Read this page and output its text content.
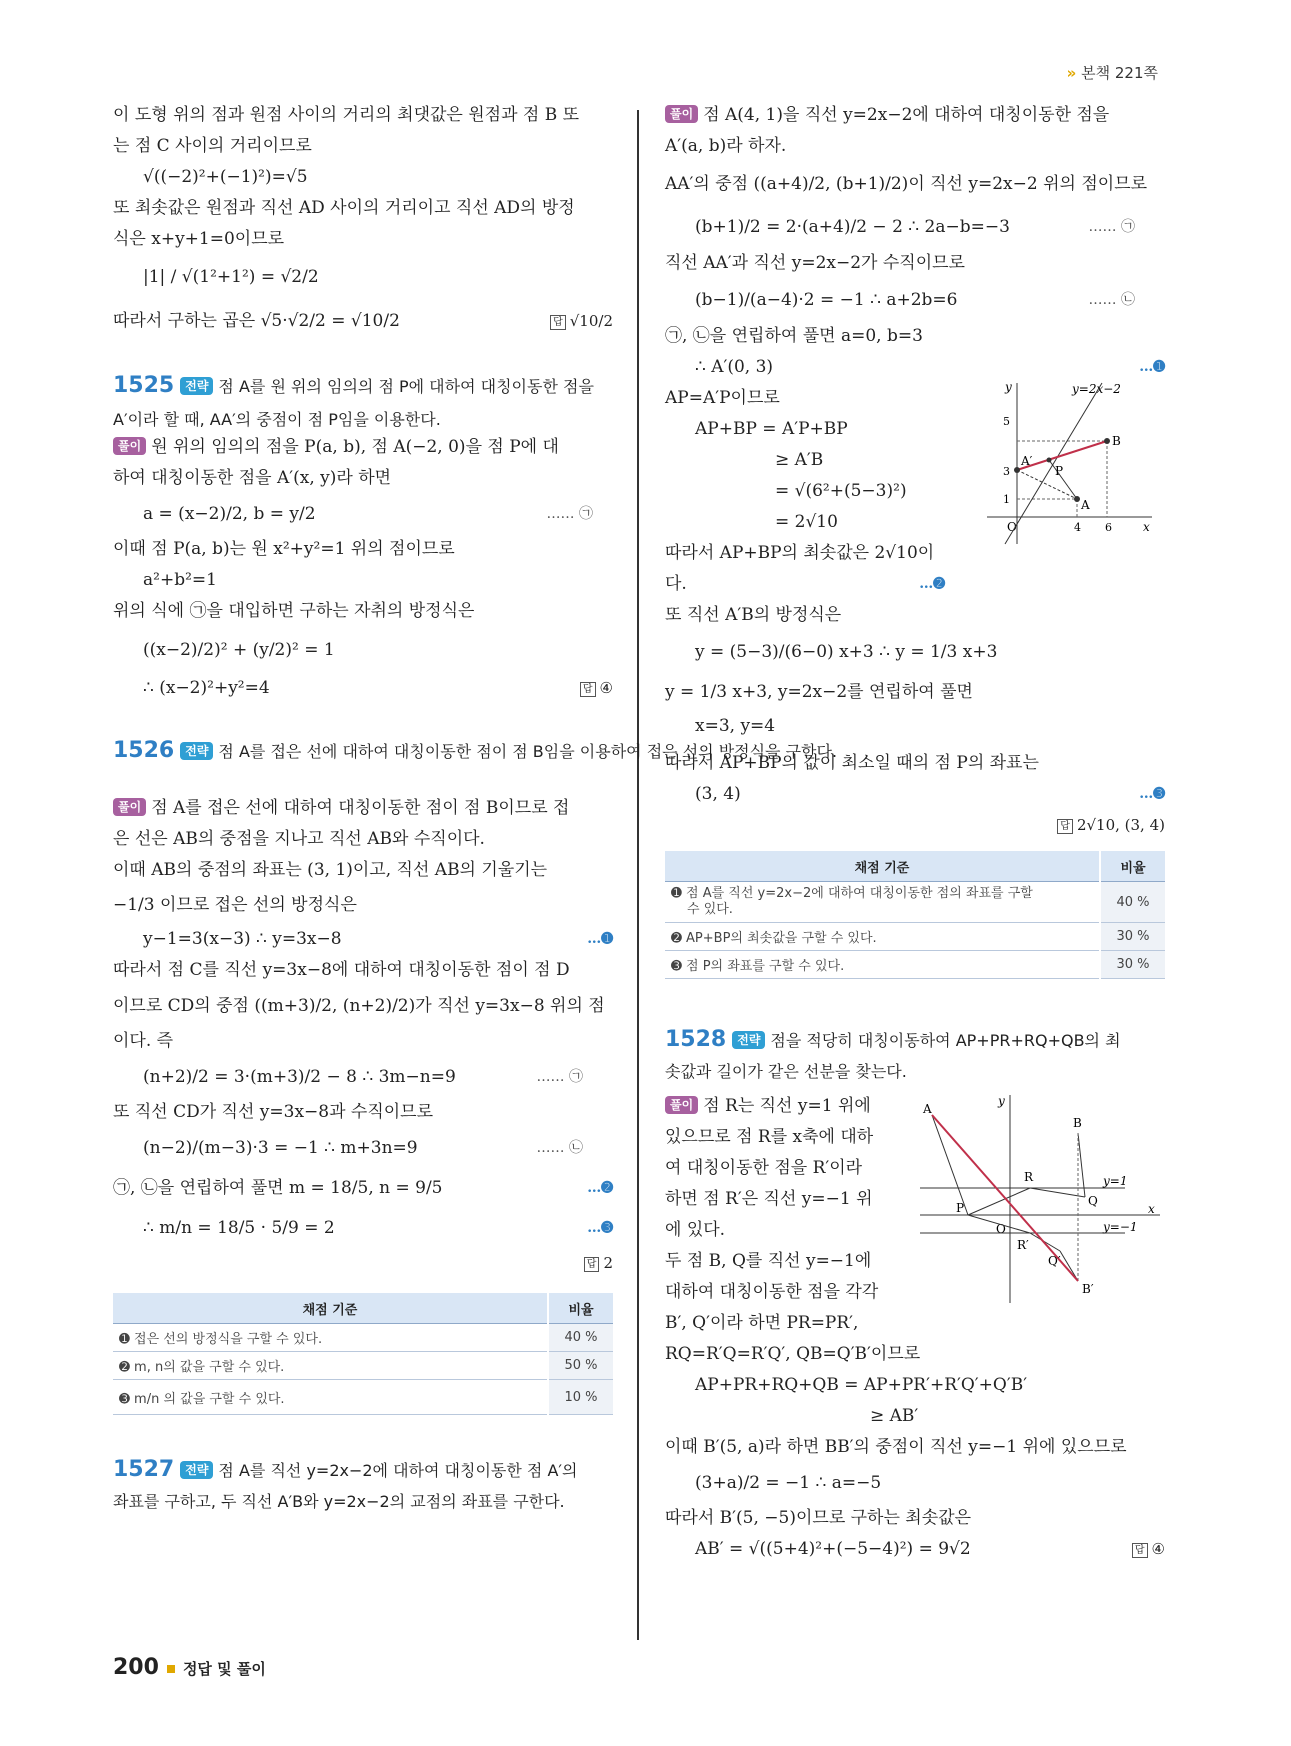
» 본책 221쪽
이 도형 위의 점과 원점 사이의 거리의 최댓값은 원점과 점 B 또
는 점 C 사이의 거리이므로
√((−2)²+(−1)²)=√5
또 최솟값은 원점과 직선 AD 사이의 거리이고 직선 AD의 방정
식은 x+y+1=0이므로
|1| / √(1²+1²) = √2/2
따라서 구하는 곱은 √5·√2/2 = √10/2	답 √10/2
1525 전략 점 A를 원 위의 임의의 점 P에 대하여 대칭이동한 점을 A′이라 할 때, AA′의 중점이 점 P임을 이용한다.
풀이 원 위의 임의의 점을 P(a, b), 점 A(−2, 0)을 점 P에 대
하여 대칭이동한 점을 A′(x, y)라 하면
a = (x−2)/2, b = y/2	…… ㉠
이때 점 P(a, b)는 원 x²+y²=1 위의 점이므로
a²+b²=1
위의 식에 ㉠을 대입하면 구하는 자취의 방정식은
((x−2)/2)² + (y/2)² = 1
∴ (x−2)²+y²=4	답 ④
1526 전략 점 A를 접은 선에 대하여 대칭이동한 점이 점 B임을 이용하여 접은 선의 방정식을 구한다.
풀이 점 A를 접은 선에 대하여 대칭이동한 점이 점 B이므로 접
은 선은 AB의 중점을 지나고 직선 AB와 수직이다.
이때 AB의 중점의 좌표는 (3, 1)이고, 직선 AB의 기울기는
−1/3 이므로 접은 선의 방정식은
y−1=3(x−3) ∴ y=3x−8	…➊
따라서 점 C를 직선 y=3x−8에 대하여 대칭이동한 점이 점 D
이므로 CD의 중점 ((m+3)/2, (n+2)/2)가 직선 y=3x−8 위의 점
이다. 즉
(n+2)/2 = 3·(m+3)/2 − 8 ∴ 3m−n=9	…… ㉠
또 직선 CD가 직선 y=3x−8과 수직이므로
(n−2)/(m−3)·3 = −1 ∴ m+3n=9	…… ㉡
㉠, ㉡을 연립하여 풀면 m = 18/5, n = 9/5	…➋
∴ m/n = 18/5 · 5/9 = 2	…➌
답 2
채점 기준	비율
➊ 접은 선의 방정식을 구할 수 있다.	40 %
➋ m, n의 값을 구할 수 있다.	50 %
➌ m/n 의 값을 구할 수 있다.	10 %
1527 전략 점 A를 직선 y=2x−2에 대하여 대칭이동한 점 A′의
좌표를 구하고, 두 직선 A′B와 y=2x−2의 교점의 좌표를 구한다.
풀이 점 A(4, 1)을 직선 y=2x−2에 대하여 대칭이동한 점을
A′(a, b)라 하자.
AA′의 중점 ((a+4)/2, (b+1)/2)이 직선 y=2x−2 위의 점이므로
(b+1)/2 = 2·(a+4)/2 − 2 ∴ 2a−b=−3	…… ㉠
직선 AA′과 직선 y=2x−2가 수직이므로
(b−1)/(a−4)·2 = −1 ∴ a+2b=6	…… ㉡
㉠, ㉡을 연립하여 풀면 a=0, b=3
∴ A′(0, 3)	…➊
y
x
O
5
3
1
4 6
y=2x−2
A′
P
A
B
AP=A′P이므로
AP+BP = A′P+BP
≥ A′B
= √(6²+(5−3)²)
= 2√10
따라서 AP+BP의 최솟값은 2√10이
다.	…➋
또 직선 A′B의 방정식은
y = (5−3)/(6−0) x+3 ∴ y = 1/3 x+3
y = 1/3 x+3, y=2x−2를 연립하여 풀면
x=3, y=4
따라서 AP+BP의 값이 최소일 때의 점 P의 좌표는
(3, 4)	…➌
답 2√10, (3, 4)
채점 기준	비율
➊ 점 A를 직선 y=2x−2에 대하여 대칭이동한 점의 좌표를 구할
수 있다.	40 %
➋ AP+BP의 최솟값을 구할 수 있다.	30 %
➌ 점 P의 좌표를 구할 수 있다.	30 %
1528 전략 점을 적당히 대칭이동하여 AP+PR+RQ+QB의 최
솟값과 길이가 같은 선분을 찾는다.
y
x
O
y=1
y=−1
A
B
R
Q
P
R′
Q′
B′
풀이 점 R는 직선 y=1 위에
있으므로 점 R를 x축에 대하
여 대칭이동한 점을 R′이라
하면 점 R′은 직선 y=−1 위
에 있다.
두 점 B, Q를 직선 y=−1에
대하여 대칭이동한 점을 각각
B′, Q′이라 하면 PR=PR′,
RQ=R′Q=R′Q′, QB=Q′B′이므로
AP+PR+RQ+QB = AP+PR′+R′Q′+Q′B′
≥ AB′
이때 B′(5, a)라 하면 BB′의 중점이 직선 y=−1 위에 있으므로
(3+a)/2 = −1 ∴ a=−5
따라서 B′(5, −5)이므로 구하는 최솟값은
AB′ = √((5+4)²+(−5−4)²) = 9√2	답 ④
200 정답 및 풀이
